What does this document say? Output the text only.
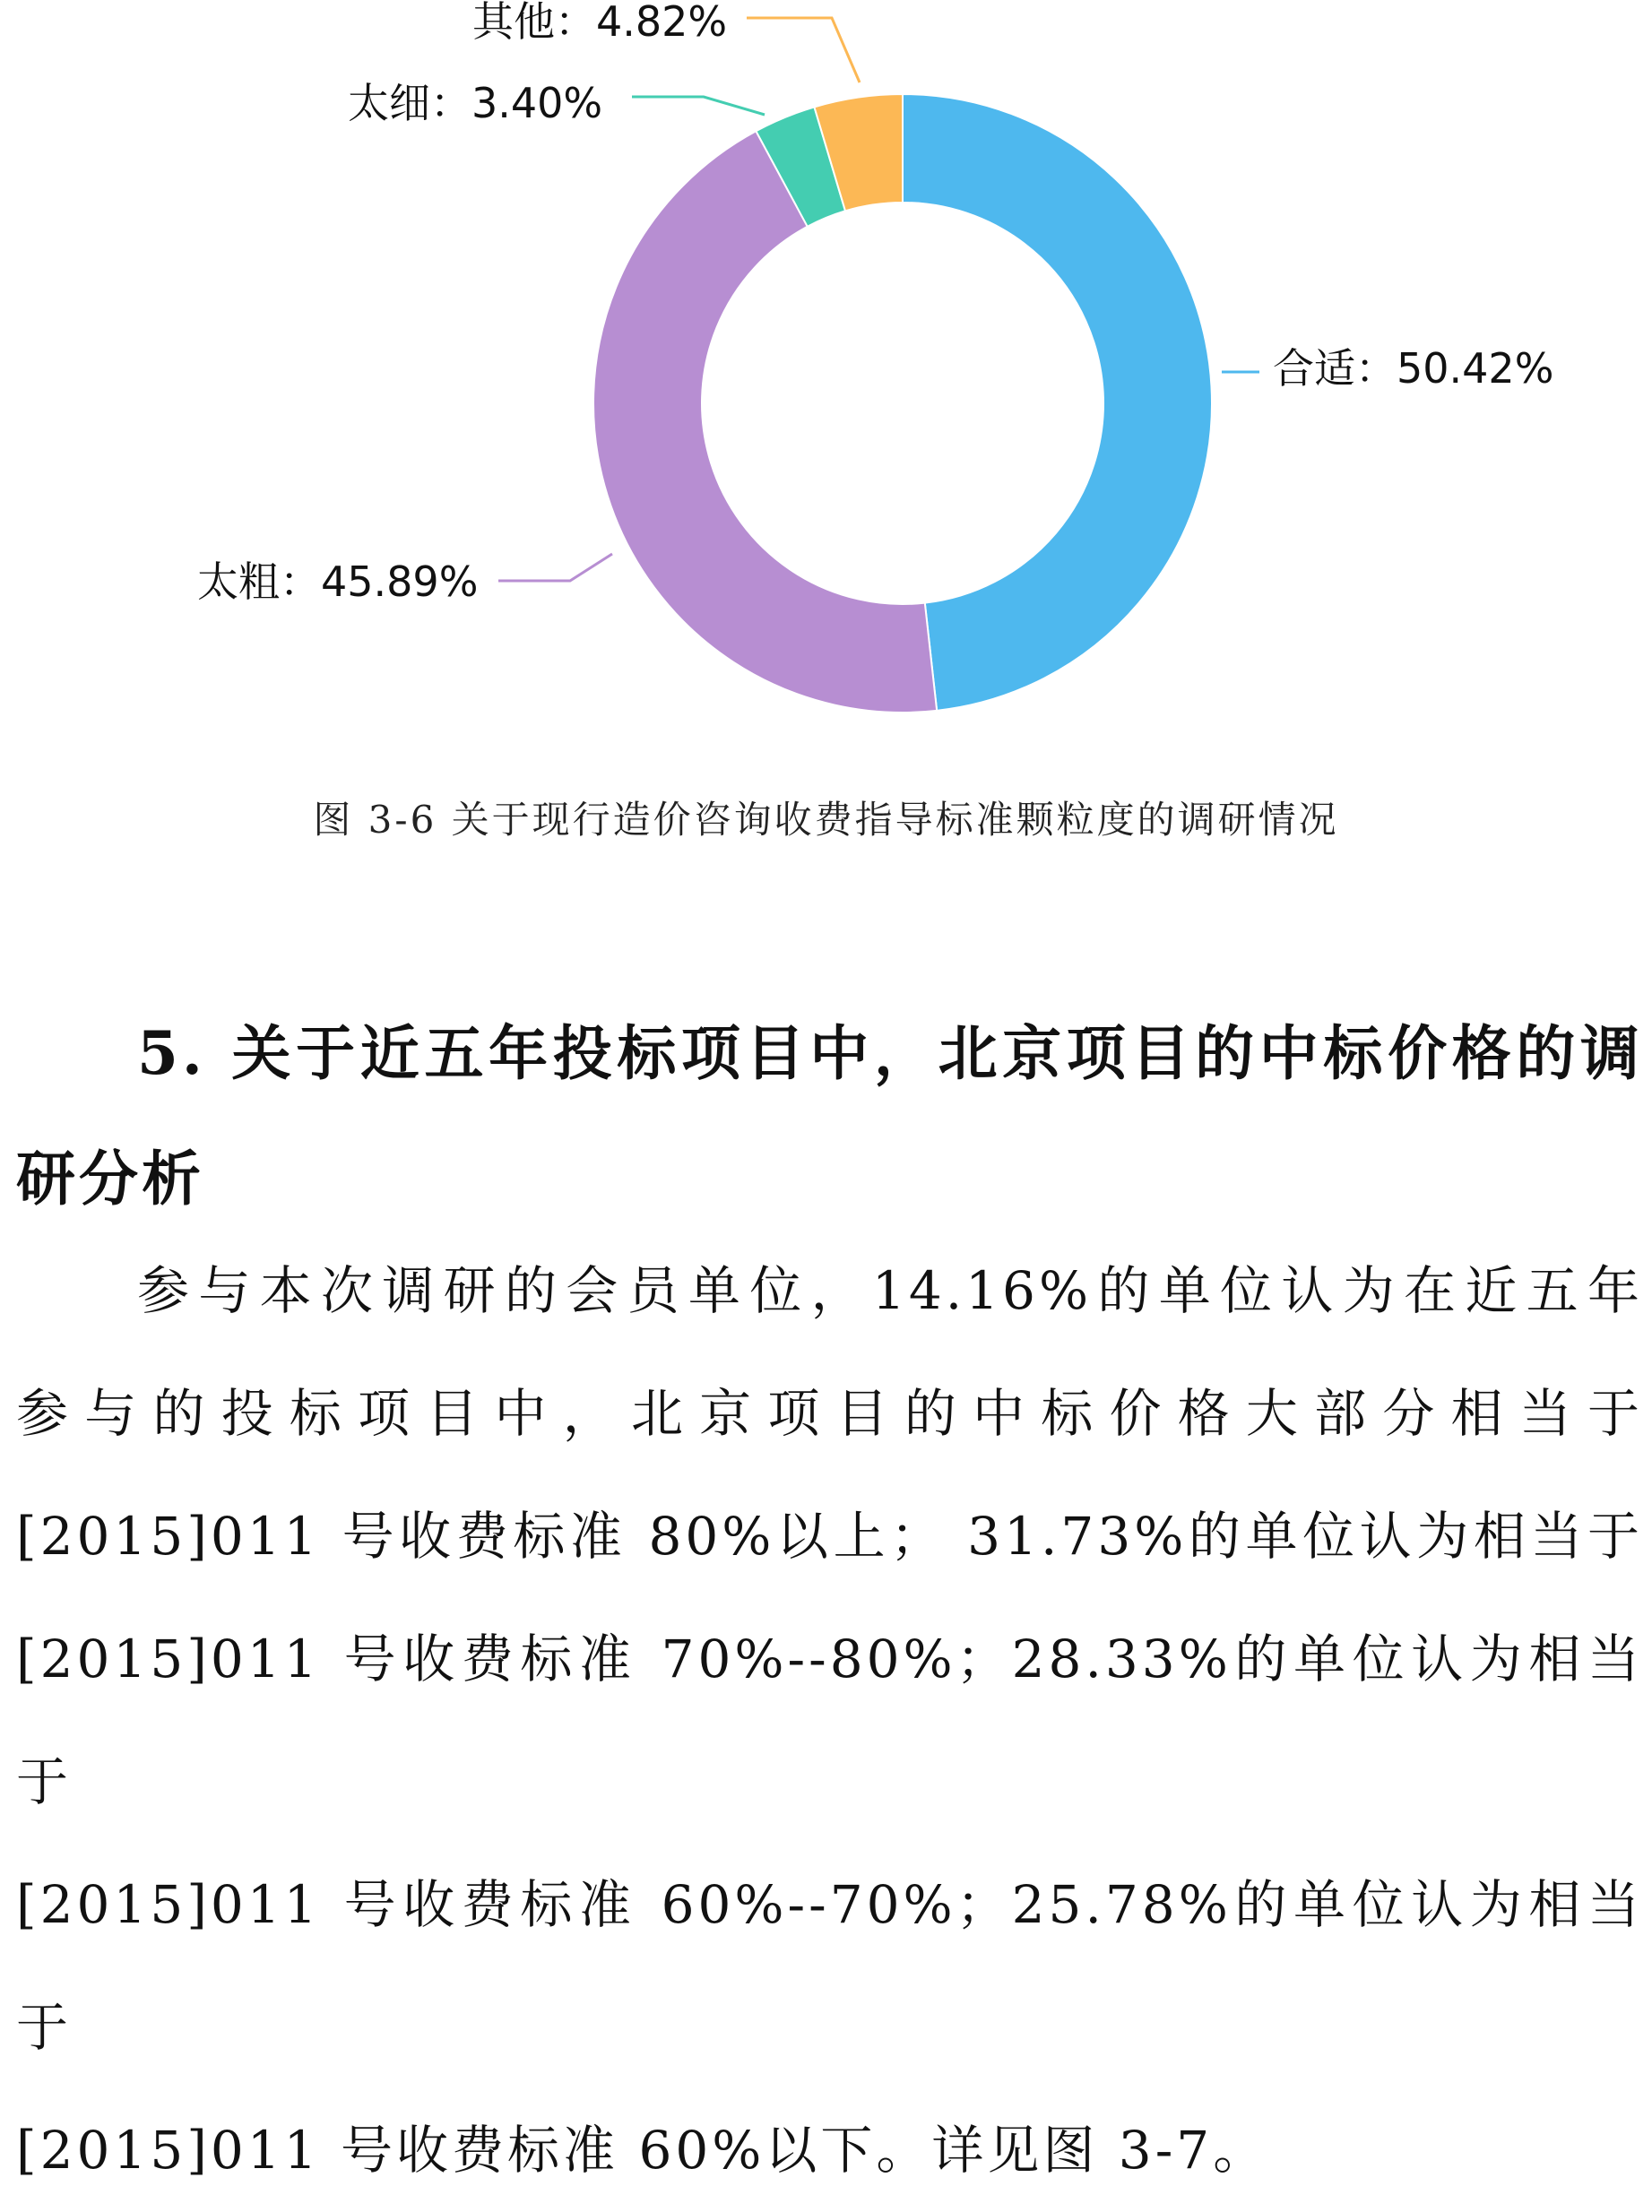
合适：50.42%
太粗：45.89%
太细：3.40%
其他：4.82%
图 3-6 关于现行造价咨询收费指导标准颗粒度的调研情况
5. 关于近五年投标项目中，北京项目的中标价格的调研分析
参与本次调研的会员单位，14.16%的单位认为在近五年
参与的投标项目中，北京项目的中标价格大部分相当于
[2015]011 号收费标准 80%以上； 31.73%的单位认为相当于
[2015]011 号收费标准 70%--80%；28.33%的单位认为相当于
[2015]011 号收费标准 60%--70%；25.78%的单位认为相当于
[2015]011 号收费标准 60%以下。详见图 3-7。
